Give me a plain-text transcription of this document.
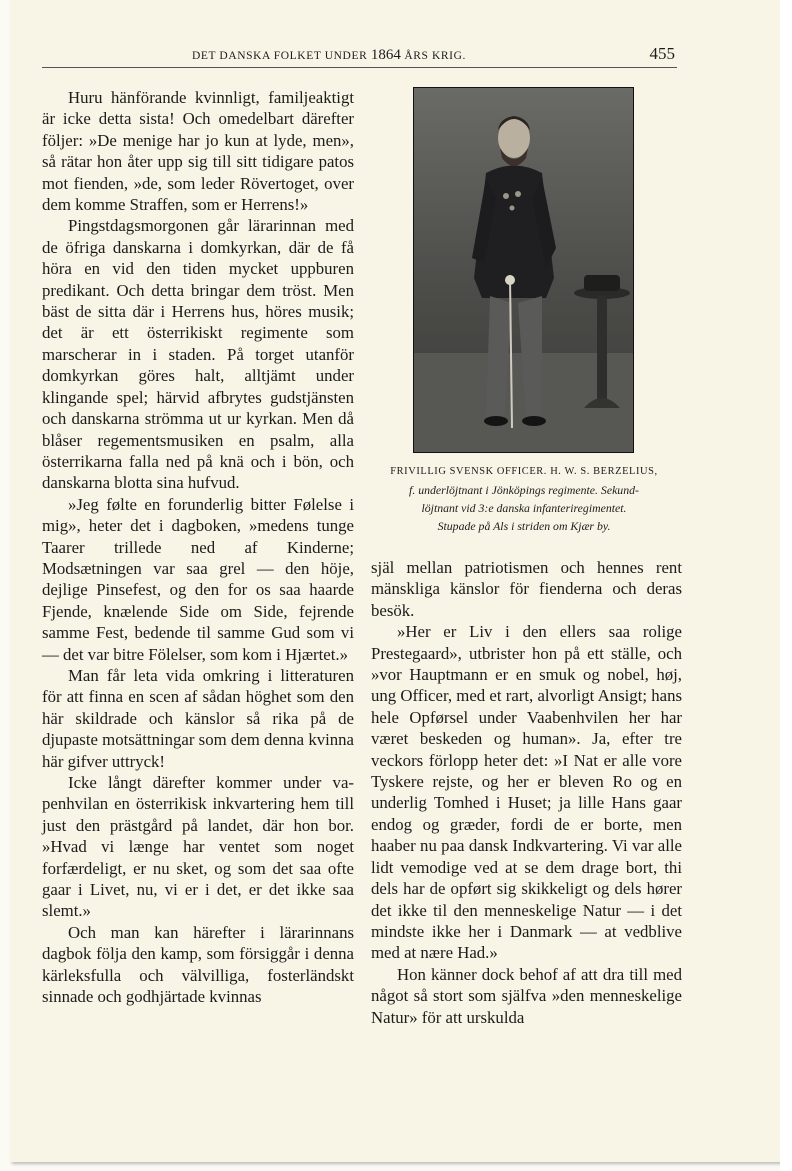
DET DANSKA FOLKET UNDER 1864 ÅRS KRIG.	455

Huru hänförande kvinnligt, familjeaktigt är icke detta sista! Och omedelbart därefter följer: »De menige har jo kun at lyde, men», så rätar hon åter upp sig till sitt tidigare patos mot fienden, »de, som leder Rövertoget, over dem komme Straffen, som er Herrens!»

Pingstdagsmorgonen går lärarinnan med de öfriga danskarna i domkyrkan, där de få höra en vid den tiden mycket uppburen predikant. Och detta bringar dem tröst. Men bäst de sitta där i Herrens hus, höres musik; det är ett österrikiskt regimente som marscherar in i staden. På torget utanför domkyrkan göres halt, alltjämt under klingande spel; härvid afbrytes gudstjänsten och danskarna strömma ut ur kyrkan. Men då blåser regementsmusiken en psalm, alla österrikarna falla ned på knä och i bön, och danskarna blotta sina hufvud.

»Jeg følte en forunderlig bitter Følelse i mig», heter det i dagboken, »medens tunge Taarer trillede ned af Kinderne; Modsætningen var saa grel — den höje, dejlige Pinsefest, og den for os saa haarde Fjende, knælende Side om Side, fejrende samme Fest, bedende til samme Gud som vi — det var bitre Fölelser, som kom i Hjærtet.»

Man får leta vida omkring i litteraturen för att finna en scen af sådan höghet som den här skildrade och känslor så rika på de djupaste motsättningar som dem denna kvinna här gifver uttryck!

Icke långt därefter kommer under vapenhvilan en österrikisk inkvartering hem till just den prästgård på landet, där hon bor. »Hvad vi længe har ventet som noget forfærdeligt, er nu sket, og som det saa ofte gaar i Livet, nu, vi er i det, er det ikke saa slemt.»

Och man kan härefter i lärarinnans dagbok följa den kamp, som försiggår i denna kärleksfulla och välvilliga, fosterländskt sinnade och godhjärtade kvinnas

FRIVILLIG SVENSK OFFICER. H. W. S. BERZELIUS,
f. underlöjtnant i Jönköpings regimente. Sekund-
löjtnant vid 3:e danska infanteriregimentet.
Stupade på Als i striden om Kjær by.

själ mellan patriotismen och hennes rent mänskliga känslor för fienderna och deras besök.

»Her er Liv i den ellers saa rolige Prestegaard», utbrister hon på ett ställe, och »vor Hauptmann er en smuk og nobel, høj, ung Officer, med et rart, alvorligt Ansigt; hans hele Opførsel under Vaabenhvilen her har været beskeden og human». Ja, efter tre veckors förlopp heter det: »I Nat er alle vore Tyskere rejste, og her er bleven Ro og en underlig Tomhed i Huset; ja lille Hans gaar endog og græder, fordi de er borte, men haaber nu paa dansk Indkvartering. Vi var alle lidt vemodige ved at se dem drage bort, thi dels har de opført sig skikkeligt og dels hører det ikke til den menneskelige Natur — i det mindste ikke her i Danmark — at vedblive med at nære Had.»

Hon känner dock behof af att dra till med något så stort som själfva »den menneskelige Natur» för att urskulda
